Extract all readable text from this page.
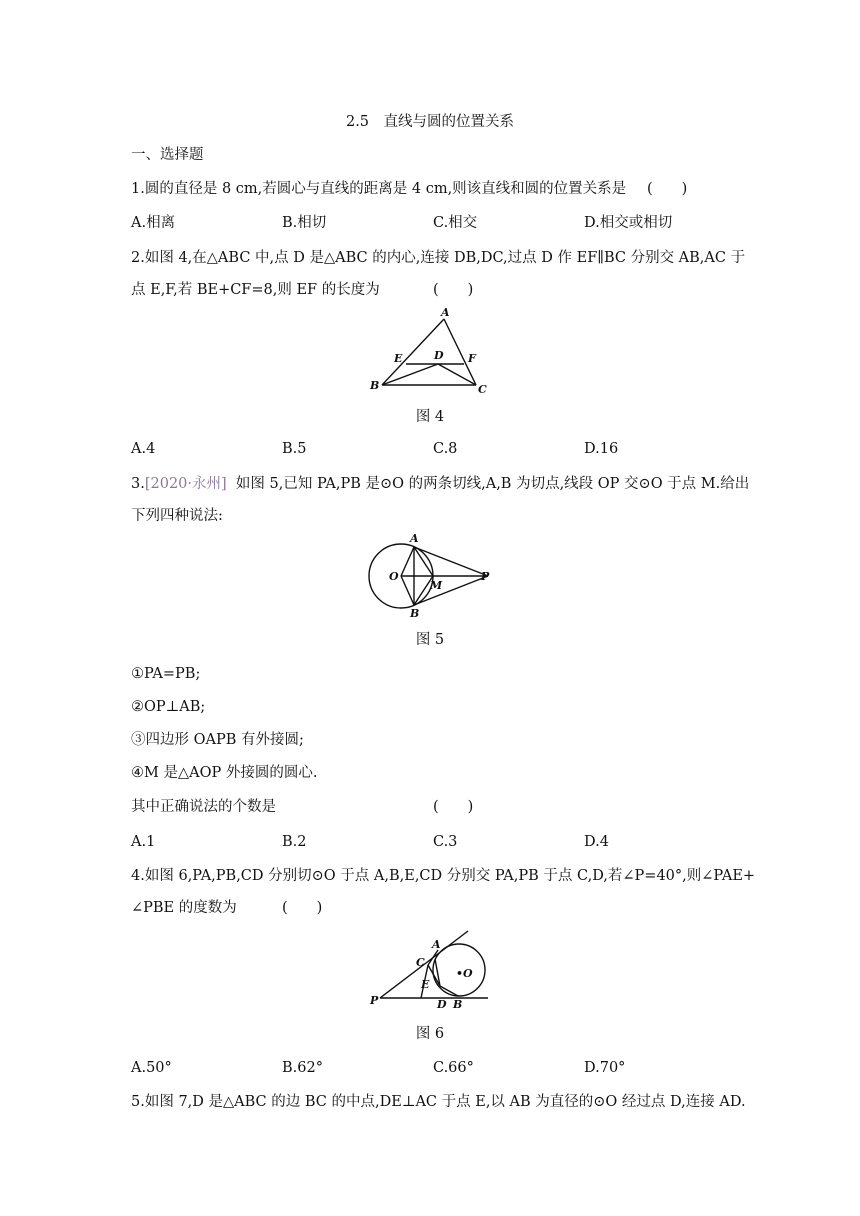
2.5　直线与圆的位置关系
一、选择题
1.圆的直径是 8 cm,若圆心与直线的距离是 4 cm,则该直线和圆的位置关系是 (　　)
A.相离	B.相切	C.相交	D.相交或相切
2.如图 4,在△ABC 中,点 D 是△ABC 的内心,连接 DB,DC,过点 D 作 EF∥BC 分别交 AB,AC 于
点 E,F,若 BE+CF=8,则 EF 的长度为	(　　)
A
E	D F
B	C
图 4
A.4	B.5	C.8	D.16
3.[2020·永州] 如图 5,已知 PA,PB 是⊙O 的两条切线,A,B 为切点,线段 OP 交⊙O 于点 M.给出
下列四种说法:
A
O
M
P
B
图 5
①PA=PB;
②OP⊥AB;
③四边形 OAPB 有外接圆;
④M 是△AOP 外接圆的圆心.
其中正确说法的个数是	(　　)
A.1	B.2	C.3	D.4
4.如图 6,PA,PB,CD 分别切⊙O 于点 A,B,E,CD 分别交 PA,PB 于点 C,D,若∠P=40°,则∠PAE+
∠PBE 的度数为	(　　)
C
A
•O
E
P	D B
图 6
A.50°	B.62°	C.66°	D.70°
5.如图 7,D 是△ABC 的边 BC 的中点,DE⊥AC 于点 E,以 AB 为直径的⊙O 经过点 D,连接 AD.
